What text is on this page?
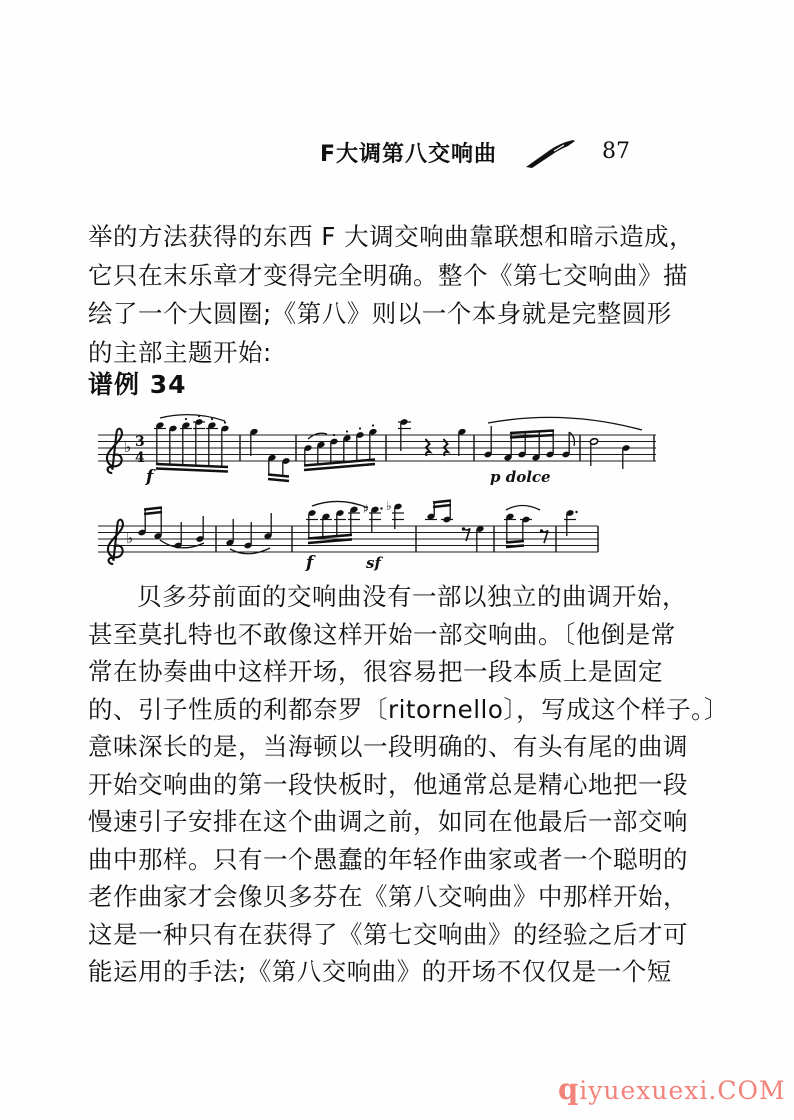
F大调第八交响曲	87
举的方法获得的东西 F 大调交响曲靠联想和暗示造成，
它只在末乐章才变得完全明确。整个《第七交响曲》描
绘了一个大圆圈;《第八》则以一个本身就是完整圆形
的主部主题开始:
谱例 34
♭ 3
4
f	p dolce
♭
f
♯ ♭
sf
贝多芬前面的交响曲没有一部以独立的曲调开始，
甚至莫扎特也不敢像这样开始一部交响曲。〔他倒是常
常在协奏曲中这样开场，很容易把一段本质上是固定
的、引子性质的利都奈罗〔ritornello〕，写成这个样子。〕
意味深长的是，当海顿以一段明确的、有头有尾的曲调
开始交响曲的第一段快板时，他通常总是精心地把一段
慢速引子安排在这个曲调之前，如同在他最后一部交响
曲中那样。只有一个愚蠢的年轻作曲家或者一个聪明的
老作曲家才会像贝多芬在《第八交响曲》中那样开始，
这是一种只有在获得了《第七交响曲》的经验之后才可
能运用的手法;《第八交响曲》的开场不仅仅是一个短
qiyuexuexi.COM
